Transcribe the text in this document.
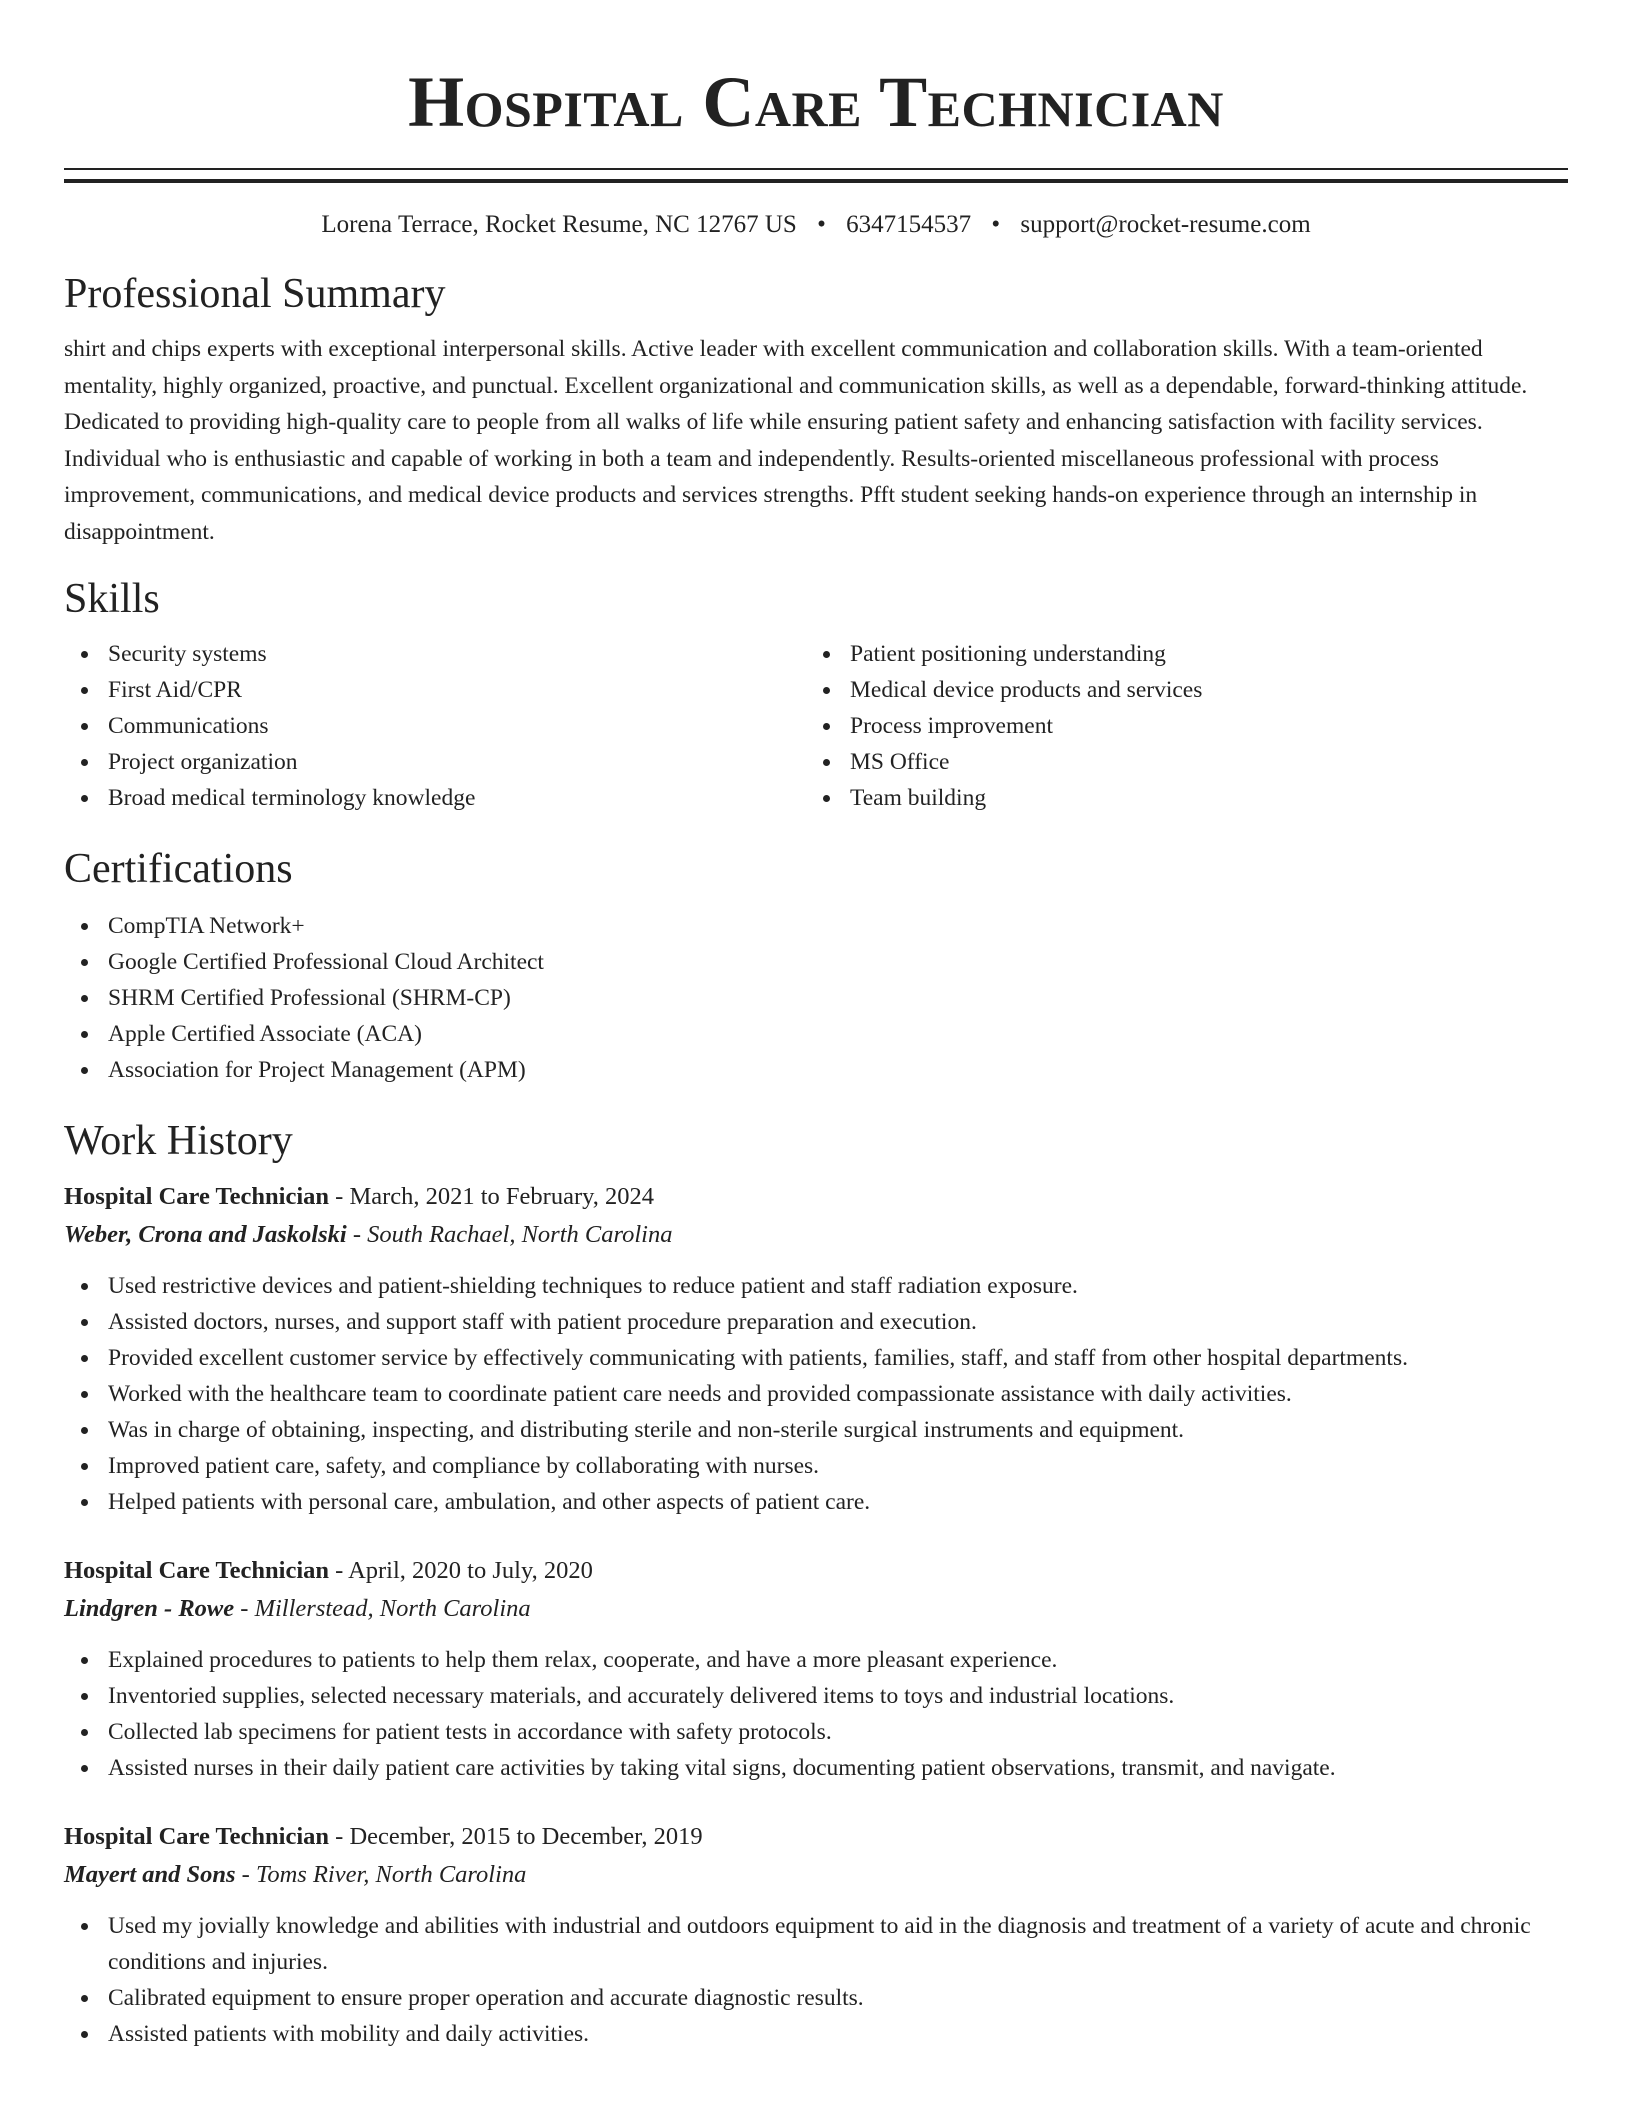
Hospital Care Technician
Lorena Terrace, Rocket Resume, NC 12767 US • 6347154537 • support@rocket-resume.com
Professional Summary

shirt and chips experts with exceptional interpersonal skills. Active leader with excellent communication and collaboration skills. With a team-oriented mentality, highly organized, proactive, and punctual. Excellent organizational and communication skills, as well as a dependable, forward-thinking attitude. Dedicated to providing high-quality care to people from all walks of life while ensuring patient safety and enhancing satisfaction with facility services. Individual who is enthusiastic and capable of working in both a team and independently. Results-oriented miscellaneous professional with process improvement, communications, and medical device products and services strengths. Pfft student seeking hands-on experience through an internship in disappointment.

Skills
Security systems
First Aid/CPR
Communications
Project organization
Broad medical terminology knowledge
Patient positioning understanding
Medical device products and services
Process improvement
MS Office
Team building
Certifications
CompTIA Network+
Google Certified Professional Cloud Architect
SHRM Certified Professional (SHRM-CP)
Apple Certified Associate (ACA)
Association for Project Management (APM)
Work History

Hospital Care Technician - March, 2021 to February, 2024

Weber, Crona and Jaskolski - South Rachael, North Carolina

Used restrictive devices and patient-shielding techniques to reduce patient and staff radiation exposure.
Assisted doctors, nurses, and support staff with patient procedure preparation and execution.
Provided excellent customer service by effectively communicating with patients, families, staff, and staff from other hospital departments.
Worked with the healthcare team to coordinate patient care needs and provided compassionate assistance with daily activities.
Was in charge of obtaining, inspecting, and distributing sterile and non-sterile surgical instruments and equipment.
Improved patient care, safety, and compliance by collaborating with nurses.
Helped patients with personal care, ambulation, and other aspects of patient care.

Hospital Care Technician - April, 2020 to July, 2020

Lindgren - Rowe - Millerstead, North Carolina

Explained procedures to patients to help them relax, cooperate, and have a more pleasant experience.
Inventoried supplies, selected necessary materials, and accurately delivered items to toys and industrial locations.
Collected lab specimens for patient tests in accordance with safety protocols.
Assisted nurses in their daily patient care activities by taking vital signs, documenting patient observations, transmit, and navigate.

Hospital Care Technician - December, 2015 to December, 2019

Mayert and Sons - Toms River, North Carolina

Used my jovially knowledge and abilities with industrial and outdoors equipment to aid in the diagnosis and treatment of a variety of acute and chronic conditions and injuries.
Calibrated equipment to ensure proper operation and accurate diagnostic results.
Assisted patients with mobility and daily activities.
